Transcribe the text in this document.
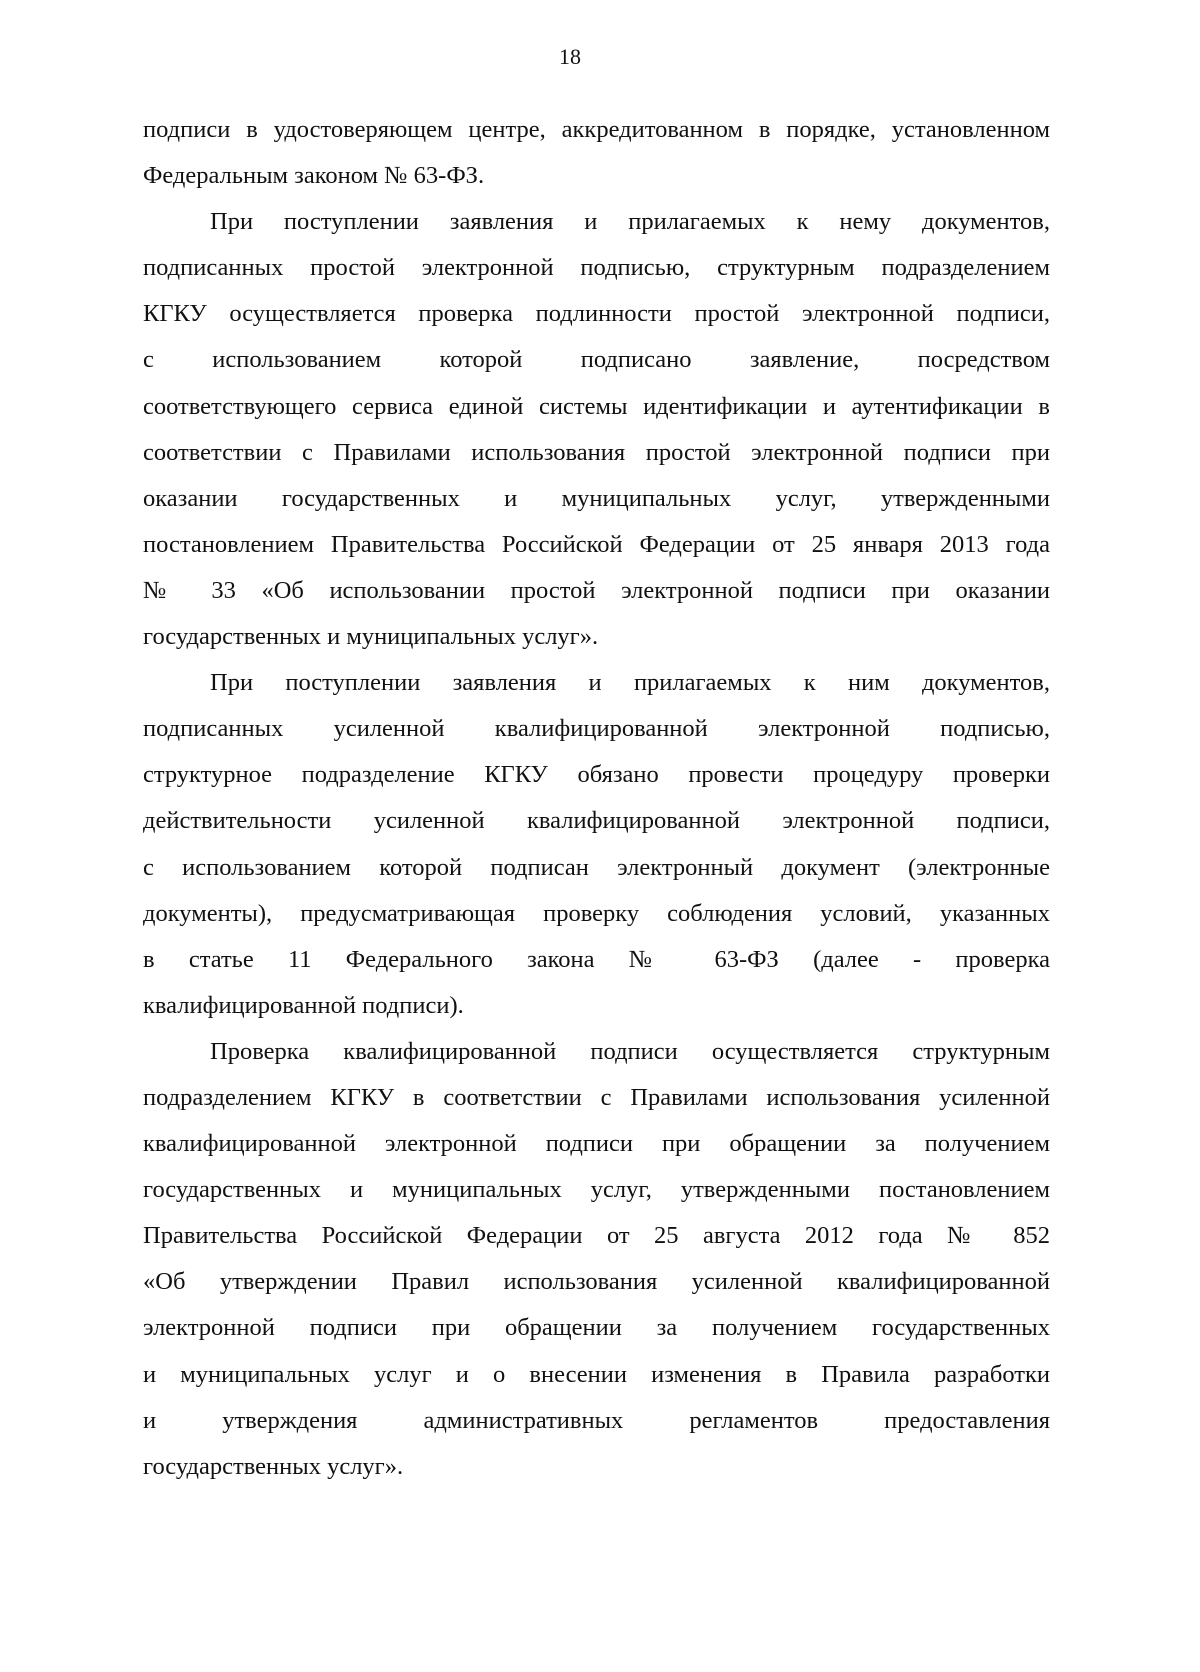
18
подписи в удостоверяющем центре, аккредитованном в порядке, установленном
Федеральным законом № 63-ФЗ.
При поступлении заявления и прилагаемых к нему документов,
подписанных простой электронной подписью, структурным подразделением
КГКУ осуществляется проверка подлинности простой электронной подписи,
с использованием которой подписано заявление, посредством
соответствующего сервиса единой системы идентификации и аутентификации в
соответствии с Правилами использования простой электронной подписи при
оказании государственных и муниципальных услуг, утвержденными
постановлением Правительства Российской Федерации от 25 января 2013 года
№ 33 «Об использовании простой электронной подписи при оказании
государственных и муниципальных услуг».
При поступлении заявления и прилагаемых к ним документов,
подписанных усиленной квалифицированной электронной подписью,
структурное подразделение КГКУ обязано провести процедуру проверки
действительности усиленной квалифицированной электронной подписи,
с использованием которой подписан электронный документ (электронные
документы), предусматривающая проверку соблюдения условий, указанных
в статье 11 Федерального закона № 63-ФЗ (далее - проверка
квалифицированной подписи).
Проверка квалифицированной подписи осуществляется структурным
подразделением КГКУ в соответствии с Правилами использования усиленной
квалифицированной электронной подписи при обращении за получением
государственных и муниципальных услуг, утвержденными постановлением
Правительства Российской Федерации от 25 августа 2012 года № 852
«Об утверждении Правил использования усиленной квалифицированной
электронной подписи при обращении за получением государственных
и муниципальных услуг и о внесении изменения в Правила разработки
и утверждения административных регламентов предоставления
государственных услуг».
